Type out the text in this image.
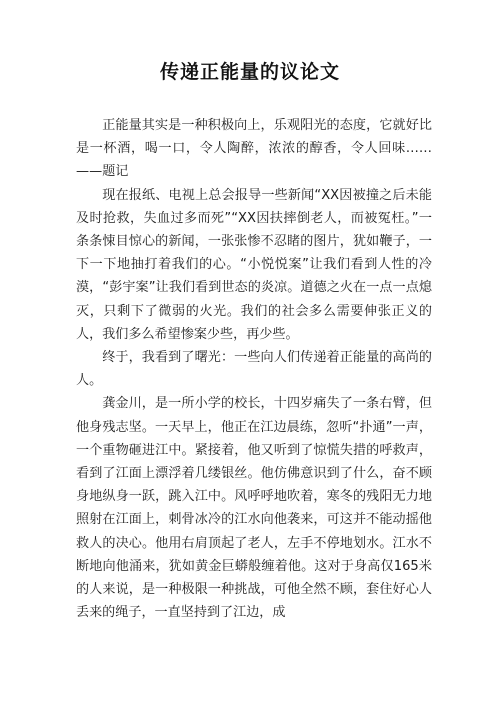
传递正能量的议论文

正能量其实是一种积极向上，乐观阳光的态度，它就好比是一杯酒，喝一口，令人陶醉，浓浓的醇香，令人回味……——题记

现在报纸、电视上总会报导一些新闻“XX因被撞之后未能及时抢救，失血过多而死”“XX因扶摔倒老人，而被冤枉。”一条条悚目惊心的新闻，一张张惨不忍睹的图片，犹如鞭子，一下一下地抽打着我们的心。“小悦悦案”让我们看到人性的冷漠，“彭宇案”让我们看到世态的炎凉。道德之火在一点一点熄灭，只剩下了微弱的火光。我们的社会多么需要伸张正义的人，我们多么希望惨案少些，再少些。

终于，我看到了曙光：一些向人们传递着正能量的高尚的人。

龚金川，是一所小学的校长，十四岁痛失了一条右臂，但他身残志坚。一天早上，他正在江边晨练，忽听“扑通”一声，一个重物砸进江中。紧接着，他又听到了惊慌失措的呼救声，看到了江面上漂浮着几缕银丝。他仿佛意识到了什么，奋不顾身地纵身一跃，跳入江中。风呼呼地吹着，寒冬的残阳无力地照射在江面上，刺骨冰冷的江水向他袭来，可这并不能动摇他救人的决心。他用右肩顶起了老人，左手不停地划水。江水不断地向他涌来，犹如黄金巨蟒般缠着他。这对于身高仅165米的人来说，是一种极限一种挑战，可他全然不顾，套住好心人丢来的绳子，一直坚持到了江边，成
